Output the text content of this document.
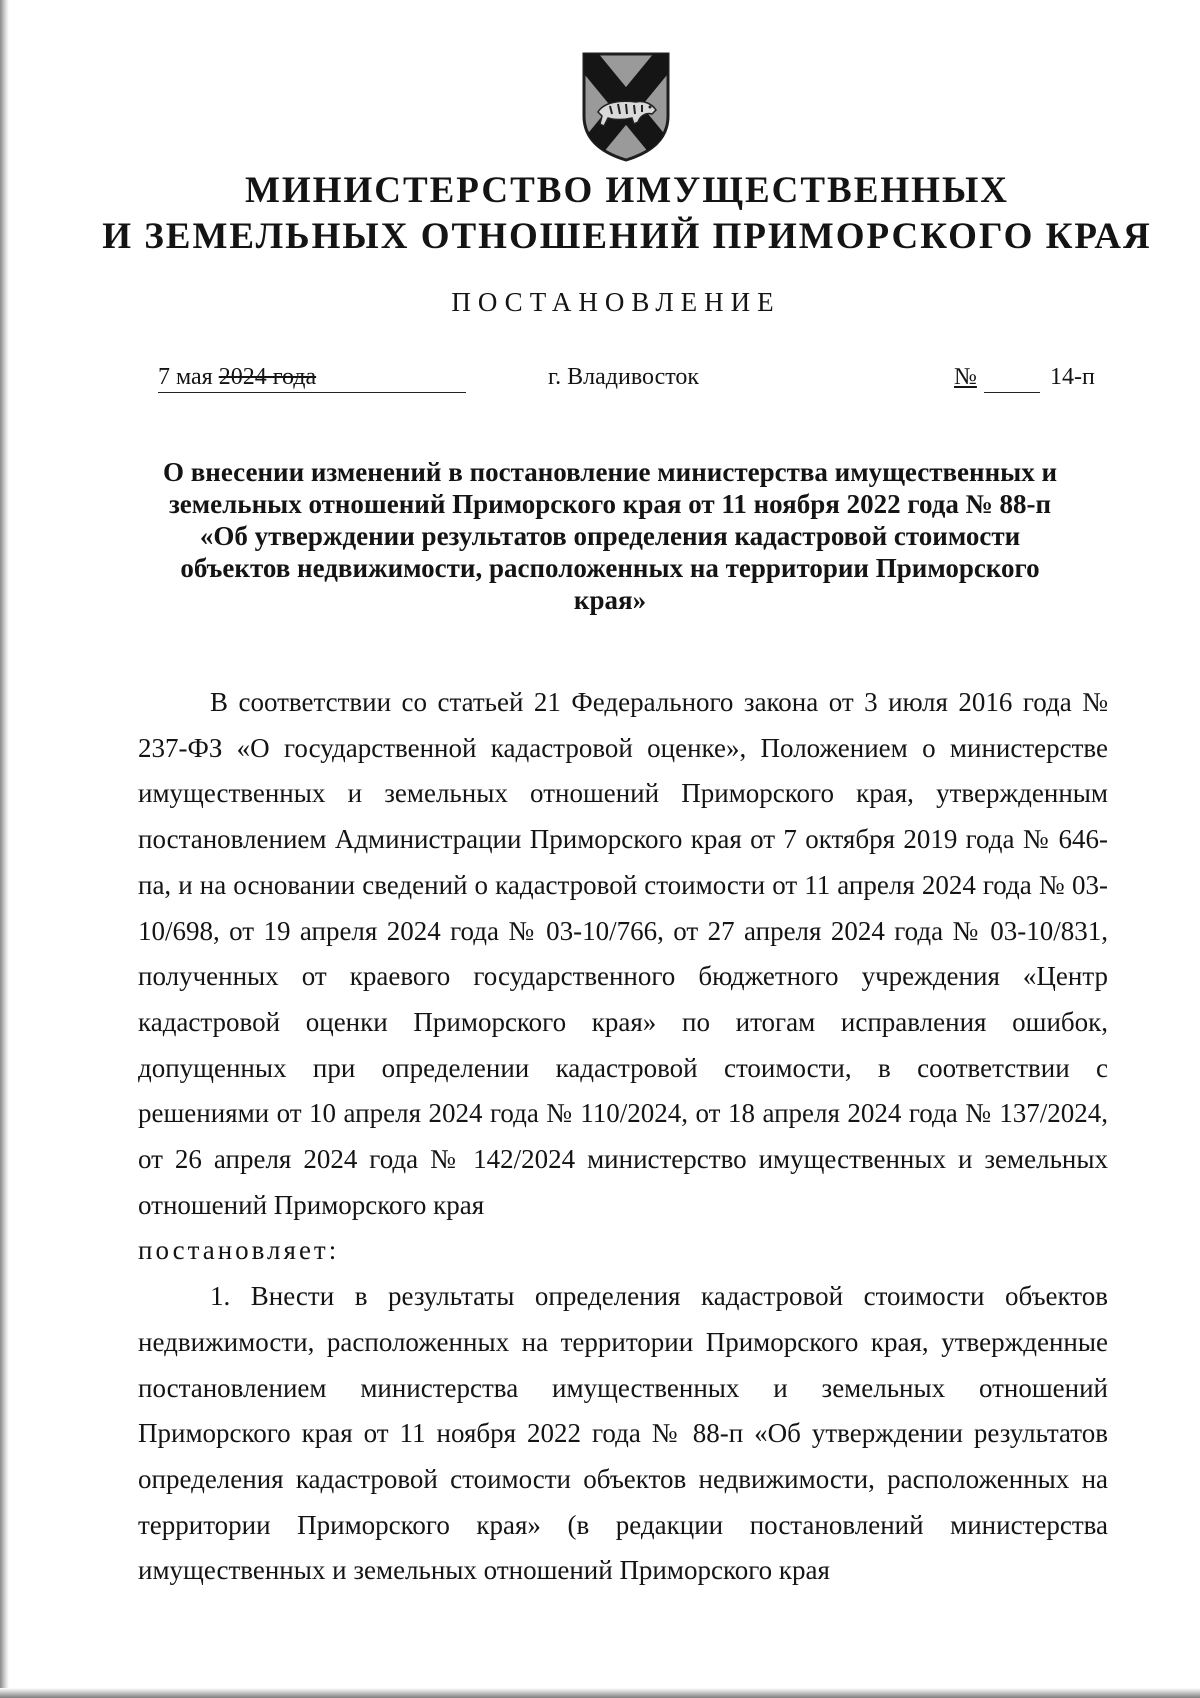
МИНИСТЕРСТВО ИМУЩЕСТВЕННЫХ
И ЗЕМЕЛЬНЫХ ОТНОШЕНИЙ ПРИМОРСКОГО КРАЯ
ПОСТАНОВЛЕНИЕ
7 мая 2024 года	г. Владивосток	№	14-п
О внесении изменений в постановление министерства имущественных и земельных отношений Приморского края от 11 ноября 2022 года № 88-п «Об утверждении результатов определения кадастровой стоимости объектов недвижимости, расположенных на территории Приморского края»

В соответствии со статьей 21 Федерального закона от 3 июля 2016 года № 237-ФЗ «О государственной кадастровой оценке», Положением о министерстве имущественных и земельных отношений Приморского края, утвержденным постановлением Администрации Приморского края от 7 октября 2019 года № 646-па, и на основании сведений о кадастровой стоимости от 11 апреля 2024 года № 03-10/698, от 19 апреля 2024 года № 03-10/766, от 27 апреля 2024 года № 03-10/831, полученных от краевого государственного бюджетного учреждения «Центр кадастровой оценки Приморского края» по итогам исправления ошибок, допущенных при определении кадастровой стоимости, в соответствии с решениями от 10 апреля 2024 года № 110/2024, от 18 апреля 2024 года № 137/2024, от 26 апреля 2024 года № 142/2024 министерство имущественных и земельных отношений Приморского края

постановляет:

1. Внести в результаты определения кадастровой стоимости объектов недвижимости, расположенных на территории Приморского края, утвержденные постановлением министерства имущественных и земельных отношений Приморского края от 11 ноября 2022 года № 88-п «Об утверждении результатов определения кадастровой стоимости объектов недвижимости, расположенных на территории Приморского края» (в редакции постановлений министерства имущественных и земельных отношений Приморского края
